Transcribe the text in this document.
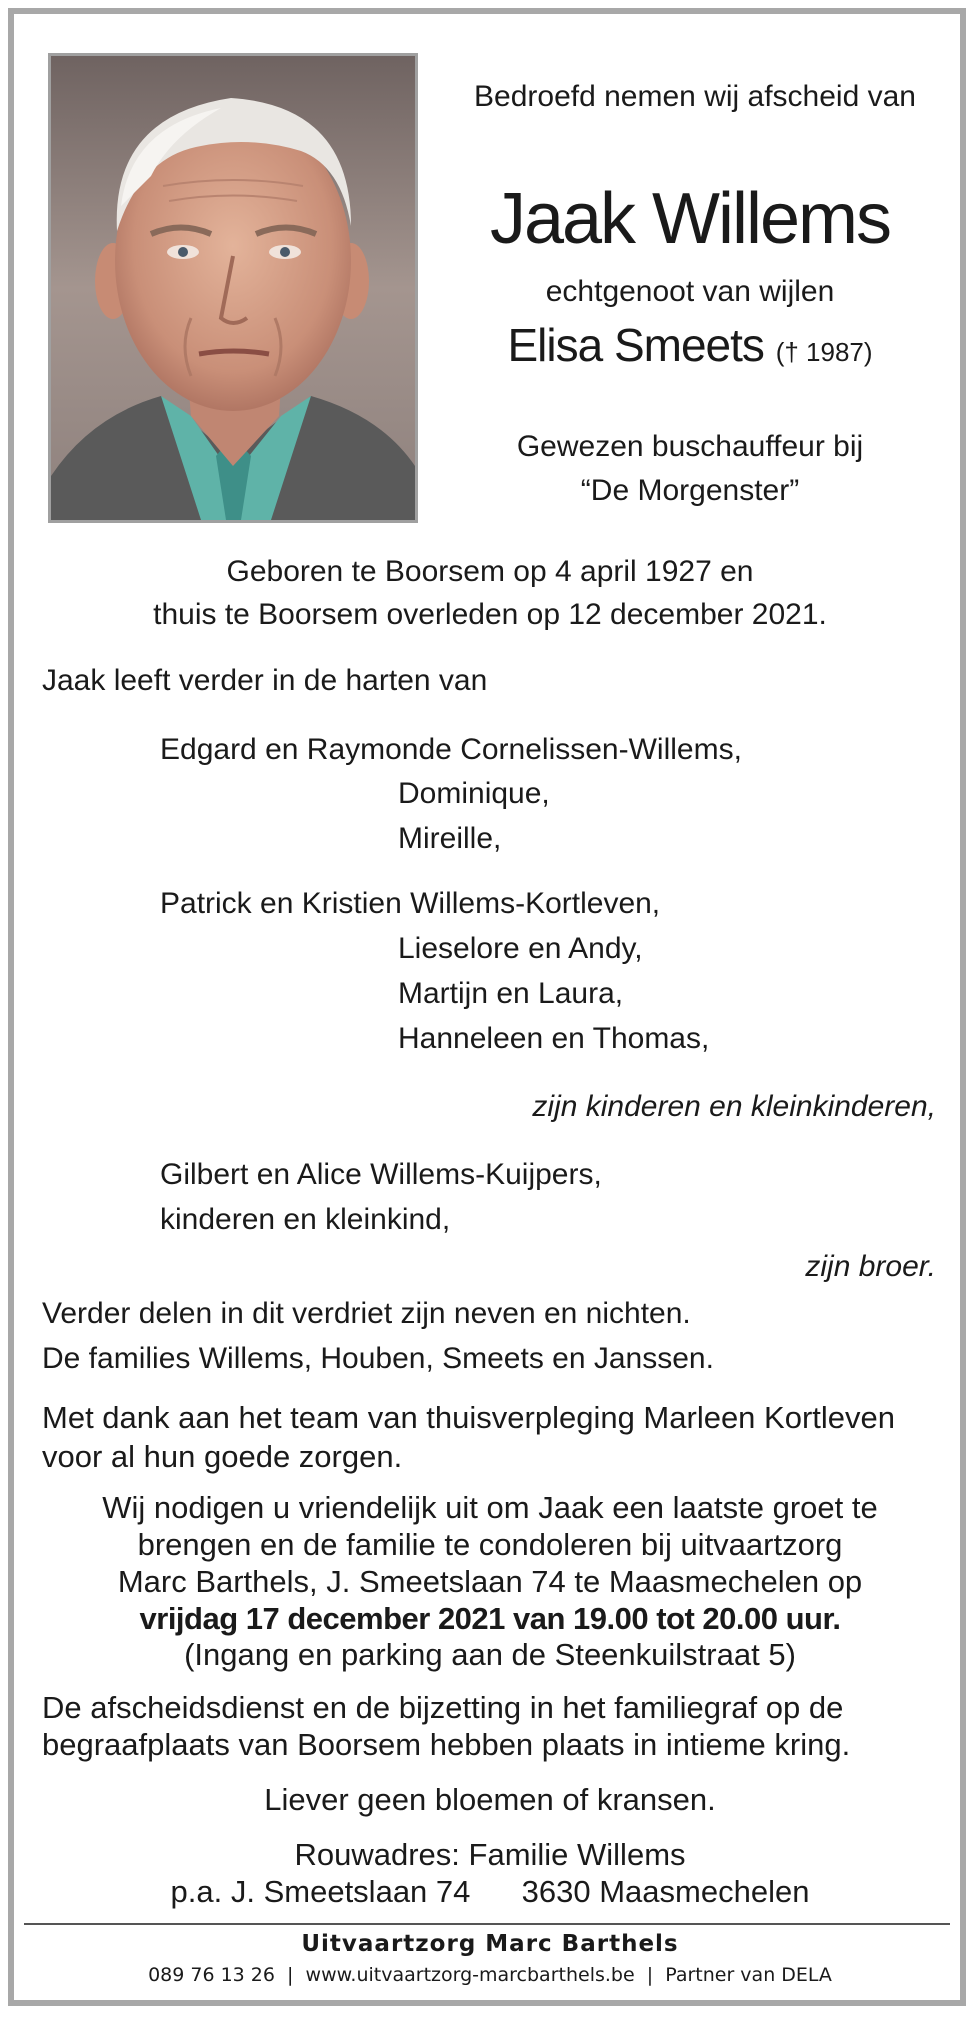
Bedroefd nemen wij afscheid van
Jaak Willems
echtgenoot van wijlen
Elisa Smeets († 1987)
Gewezen buschauffeur bij
“De Morgenster”
Geboren te Boorsem op 4 april 1927 en
thuis te Boorsem overleden op 12 december 2021.
Jaak leeft verder in de harten van
Edgard en Raymonde Cornelissen-Willems,
Dominique,
Mireille,
Patrick en Kristien Willems-Kortleven,
Lieselore en Andy,
Martijn en Laura,
Hanneleen en Thomas,
zijn kinderen en kleinkinderen,
Gilbert en Alice Willems-Kuijpers,
kinderen en kleinkind,
zijn broer.
Verder delen in dit verdriet zijn neven en nichten.
De families Willems, Houben, Smeets en Janssen.
Met dank aan het team van thuisverpleging Marleen Kortleven
voor al hun goede zorgen.
Wij nodigen u vriendelijk uit om Jaak een laatste groet te
brengen en de familie te condoleren bij uitvaartzorg
Marc Barthels, J. Smeetslaan 74 te Maasmechelen op
vrijdag 17 december 2021 van 19.00 tot 20.00 uur.
(Ingang en parking aan de Steenkuilstraat 5)
De afscheidsdienst en de bijzetting in het familiegraf op de
begraafplaats van Boorsem hebben plaats in intieme kring.
Liever geen bloemen of kransen.
Rouwadres: Familie Willems
p.a. J. Smeetslaan 74 3630 Maasmechelen
Uitvaartzorg Marc Barthels
089 76 13 26  |  www.uitvaartzorg-marcbarthels.be  |  Partner van DELA
